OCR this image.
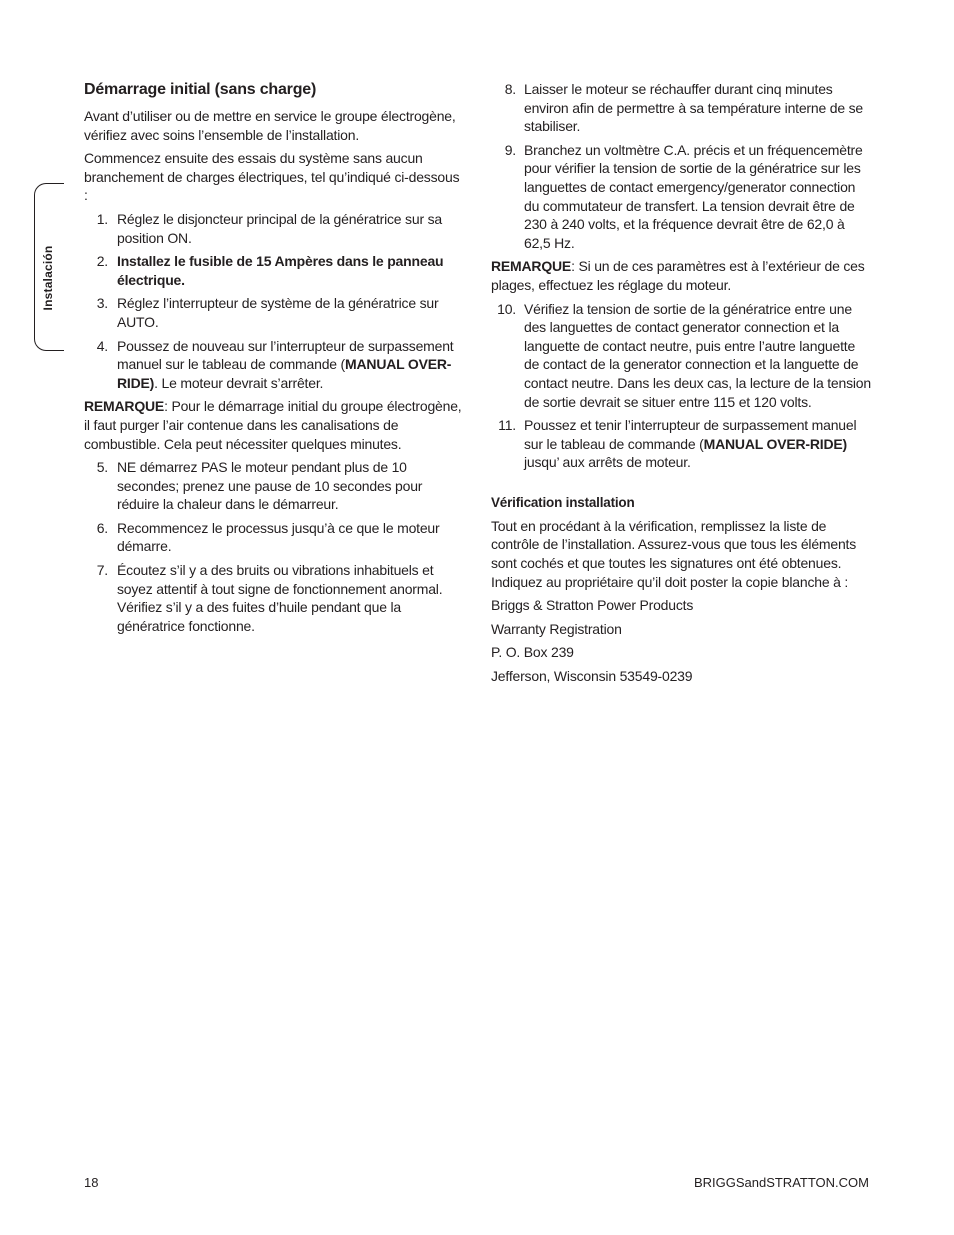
Instalación
Démarrage initial (sans charge)

Avant d’utiliser ou de mettre en service le groupe électrogène, vérifiez avec soins l’ensemble de l’installation.

Commencez ensuite des essais du système sans aucun branchement de charges électriques, tel qu’indiqué ci-dessous :

1. Réglez le disjoncteur principal de la génératrice sur sa position ON.
2. Installez le fusible de 15 Ampères dans le panneau électrique.
3. Réglez l’interrupteur de système de la génératrice sur AUTO.
4. Poussez de nouveau sur l’interrupteur de surpassement manuel sur le tableau de commande (MANUAL OVER-RIDE). Le moteur devrait s’arrêter.

REMARQUE: Pour le démarrage initial du groupe électrogène, il faut purger l’air contenue dans les canalisations de combustible. Cela peut nécessiter quelques minutes.

5. NE démarrez PAS le moteur pendant plus de 10 secondes; prenez une pause de 10 secondes pour réduire la chaleur dans le démarreur.
6. Recommencez le processus jusqu’à ce que le moteur démarre.
7. Écoutez s’il y a des bruits ou vibrations inhabituels et soyez attentif à tout signe de fonctionnement anormal. Vérifiez s’il y a des fuites d’huile pendant que la génératrice fonctionne.
8. Laisser le moteur se réchauffer durant cinq minutes environ afin de permettre à sa température interne de se stabiliser.
9. Branchez un voltmètre C.A. précis et un fréquencemètre pour vérifier la tension de sortie de la génératrice sur les languettes de contact emergency/generator connection du commutateur de transfert. La tension devrait être de 230 à 240 volts, et la fréquence devrait être de 62,0 à 62,5 Hz.

REMARQUE: Si un de ces paramètres est à l’extérieur de ces plages, effectuez les réglage du moteur.

10. Vérifiez la tension de sortie de la génératrice entre une des languettes de contact generator connection et la languette de contact neutre, puis entre l’autre languette de contact de la generator connection et la languette de contact neutre. Dans les deux cas, la lecture de la tension de sortie devrait se situer entre 115 et 120 volts.
11. Poussez et tenir l’interrupteur de surpassement manuel sur le tableau de commande (MANUAL OVER-RIDE) jusqu’ aux arrêts de moteur.
Vérification installation

Tout en procédant à la vérification, remplissez la liste de contrôle de l’installation. Assurez-vous que tous les éléments sont cochés et que toutes les signatures ont été obtenues. Indiquez au propriétaire qu’il doit poster la copie blanche à :

Briggs & Stratton Power Products
Warranty Registration
P. O. Box 239
Jefferson, Wisconsin 53549-0239
18	BRIGGSandSTRATTON.COM
